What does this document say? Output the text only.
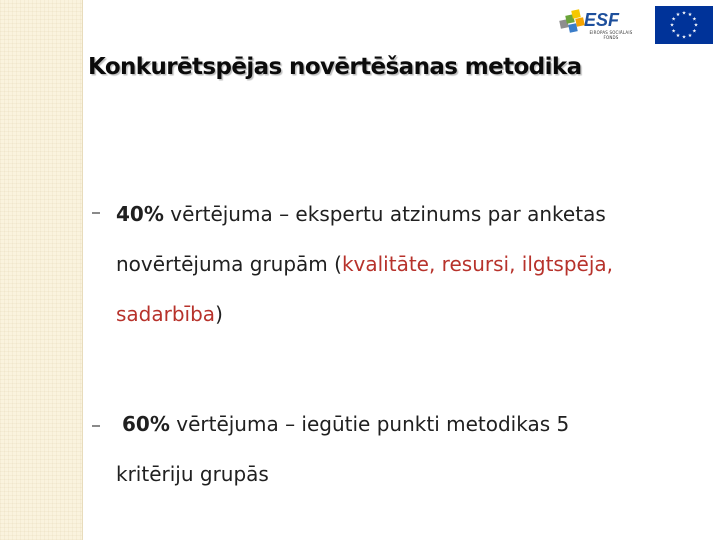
ESF
EIROPAS SOCIĀLAIS
FONDS
★
★
★
★
★
★
★
★
★ ★ ★
★
Konkurētspējas novērtēšanas metodika
40% vērtējuma – ekspertu atzinums par anketas novērtējuma grupām (kvalitāte, resursi, ilgtspēja, sadarbība)
60% vērtējuma – iegūtie punkti metodikas 5 kritēriju grupās
